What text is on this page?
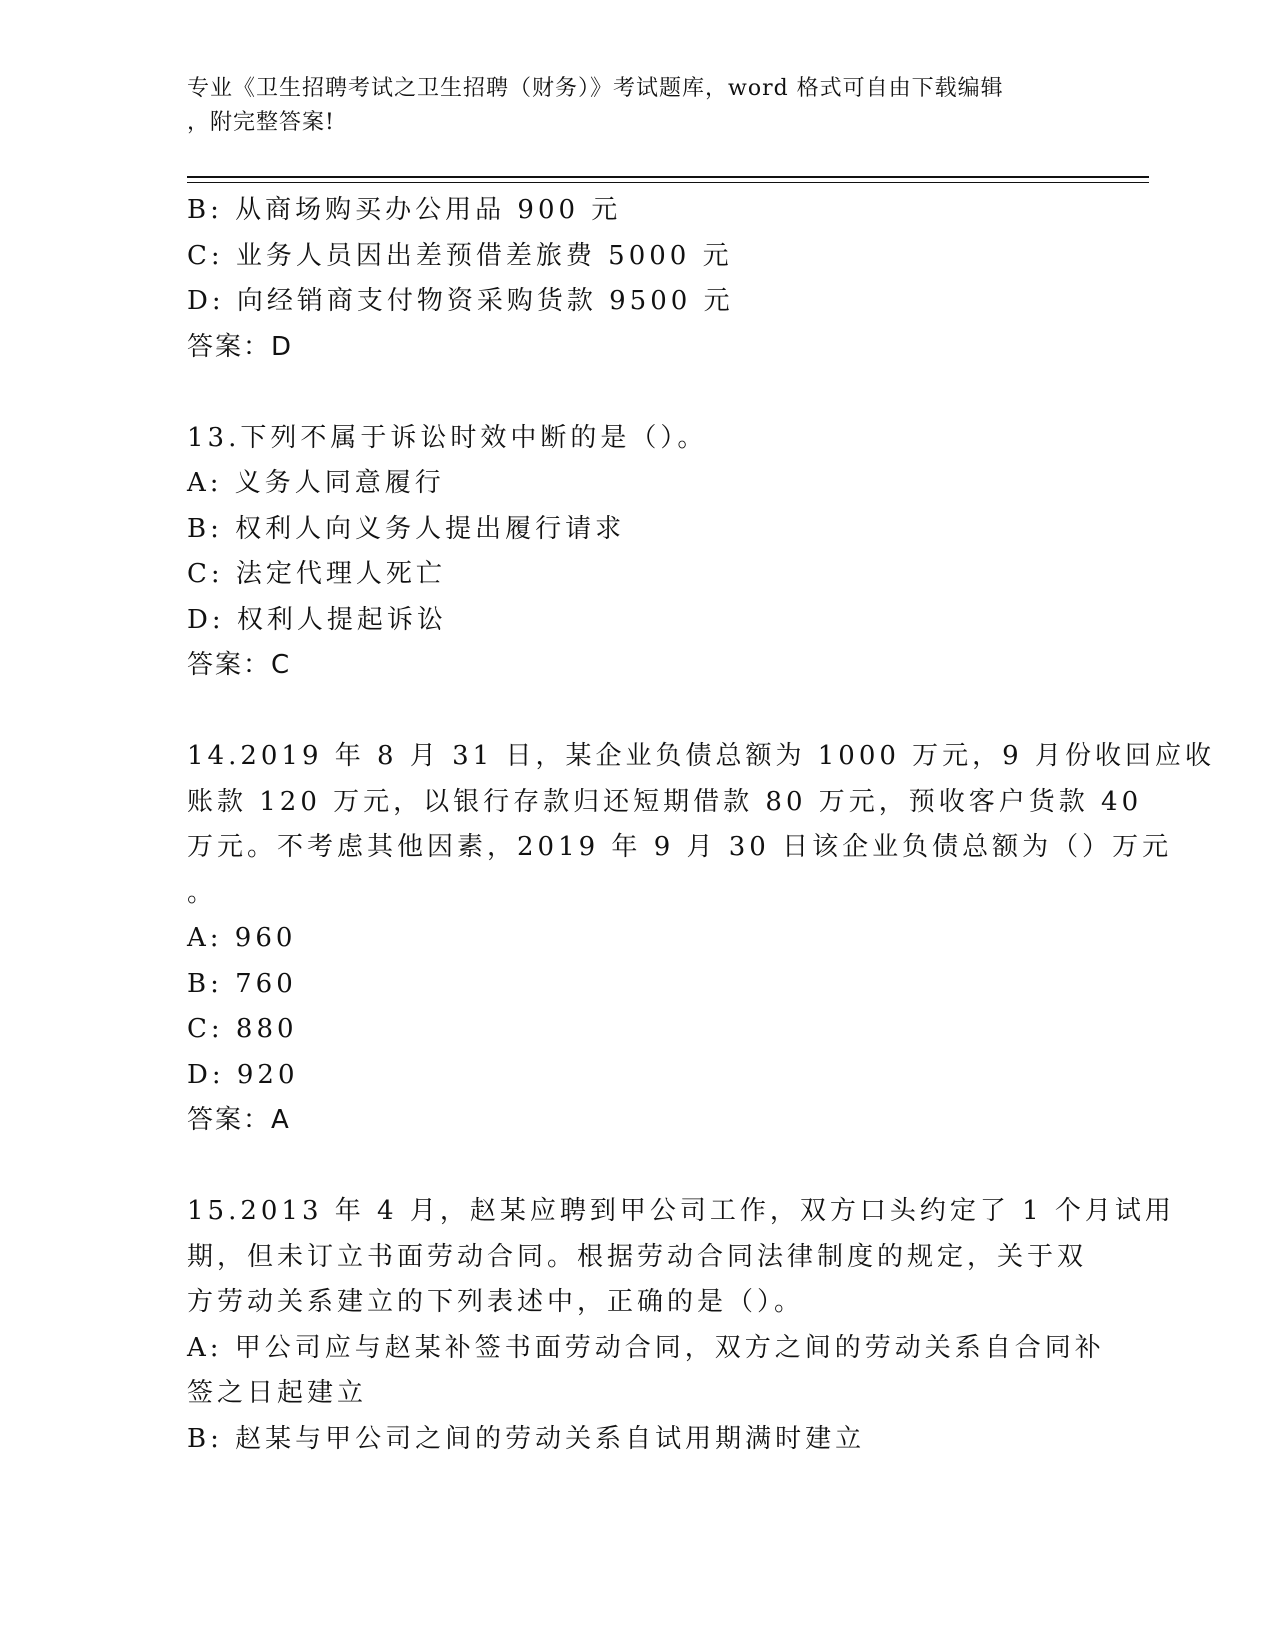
专业《卫生招聘考试之卫生招聘（财务）》考试题库，word 格式可自由下载编辑
，附完整答案!
B: 从商场购买办公用品 900 元
C: 业务人员因出差预借差旅费 5000 元
D: 向经销商支付物资采购货款 9500 元
答案：D
13.下列不属于诉讼时效中断的是（）。
A: 义务人同意履行
B: 权利人向义务人提出履行请求
C: 法定代理人死亡
D: 权利人提起诉讼
答案：C
14.2019 年 8 月 31 日，某企业负债总额为 1000 万元，9 月份收回应收
账款 120 万元，以银行存款归还短期借款 80 万元，预收客户货款 40
万元。不考虑其他因素，2019 年 9 月 30 日该企业负债总额为（）万元
。
A: 960
B: 760
C: 880
D: 920
答案：A
15.2013 年 4 月，赵某应聘到甲公司工作，双方口头约定了 1 个月试用
期，但未订立书面劳动合同。根据劳动合同法律制度的规定，关于双
方劳动关系建立的下列表述中，正确的是（）。
A: 甲公司应与赵某补签书面劳动合同，双方之间的劳动关系自合同补
签之日起建立
B: 赵某与甲公司之间的劳动关系自试用期满时建立
